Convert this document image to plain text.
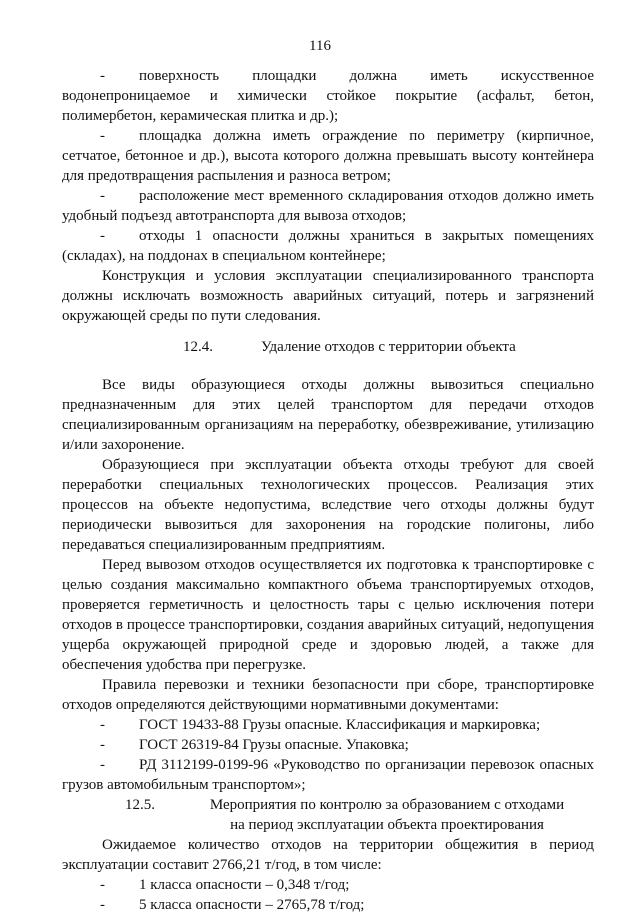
116
-	поверхность площадки должна иметь искусственное водонепроницаемое и химически стойкое покрытие (асфальт, бетон, полимербетон, керамическая плитка и др.);
-	площадка должна иметь ограждение по периметру (кирпичное, сетчатое, бетонное и др.), высота которого должна превышать высоту контейнера для предотвращения распыления и разноса ветром;
-	расположение мест временного складирования отходов должно иметь удобный подъезд автотранспорта для вывоза отходов;
-	отходы 1 опасности должны храниться в закрытых помещениях (складах), на поддонах в специальном контейнере;

Конструкция и условия эксплуатации специализированного транспорта должны исключать возможность аварийных ситуаций, потерь и загрязнений окружающей среды по пути следования.

12.4.	Удаление отходов с территории объекта

Все виды образующиеся отходы должны вывозиться специально предназначенным для этих целей транспортом для передачи отходов специализированным организациям на переработку, обезвреживание, утилизацию и/или захоронение.

Образующиеся при эксплуатации объекта отходы требуют для своей переработки специальных технологических процессов. Реализация этих процессов на объекте недопустима, вследствие чего отходы должны будут периодически вывозиться для захоронения на городские полигоны, либо передаваться специализированным предприятиям.

Перед вывозом отходов осуществляется их подготовка к транспортировке с целью создания максимально компактного объема транспортируемых отходов, проверяется герметичность и целостность тары с целью исключения потери отходов в процессе транспортировки, создания аварийных ситуаций, недопущения ущерба окружающей природной среде и здоровью людей, а также для обеспечения удобства при перегрузке.

Правила перевозки и техники безопасности при сборе, транспортировке отходов определяются действующими нормативными документами:

-	ГОСТ 19433-88 Грузы опасные. Классификация и маркировка;
-	ГОСТ 26319-84 Грузы опасные. Упаковка;
-	РД 3112199-0199-96 «Руководство по организации перевозок опасных грузов автомобильным транспортом»;
12.5.	Мероприятия по контролю за образованием с отходами на период эксплуатации объекта проектирования

Ожидаемое количество отходов на территории общежития в период эксплуатации составит 2766,21 т/год, в том числе:

-	1 класса опасности – 0,348 т/год;
-	5 класса опасности – 2765,78 т/год;
